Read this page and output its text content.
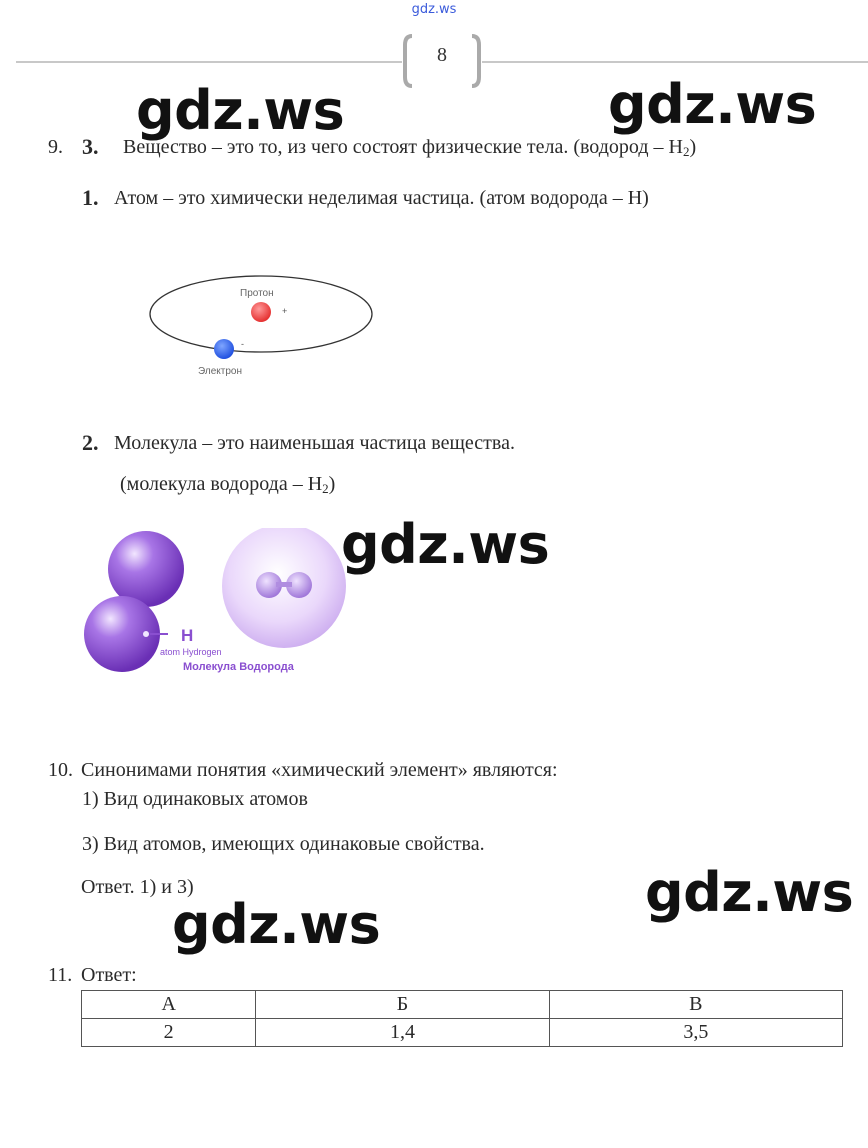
gdz.ws
8
gdz.ws	gdz.ws
gdz.ws
gdz.ws
gdz.ws
9. 3. Вещество – это то, из чего состоят физические тела. (водород – $H_2$)
1. Атом – это химически неделимая частица. (атом водорода – H)
+
-
Протон
Электрон
2. Молекула – это наименьшая частица вещества.
(молекула водорода – $H_2$)
H
atom Hydrogen
Молекула Водорода
10. Синонимами понятия «химический элемент» являются:
1) Вид одинаковых атомов
3) Вид атомов, имеющих одинаковые свойства.
Ответ. 1) и 3)
11. Ответ:
А	Б	В
2	1,4	3,5
